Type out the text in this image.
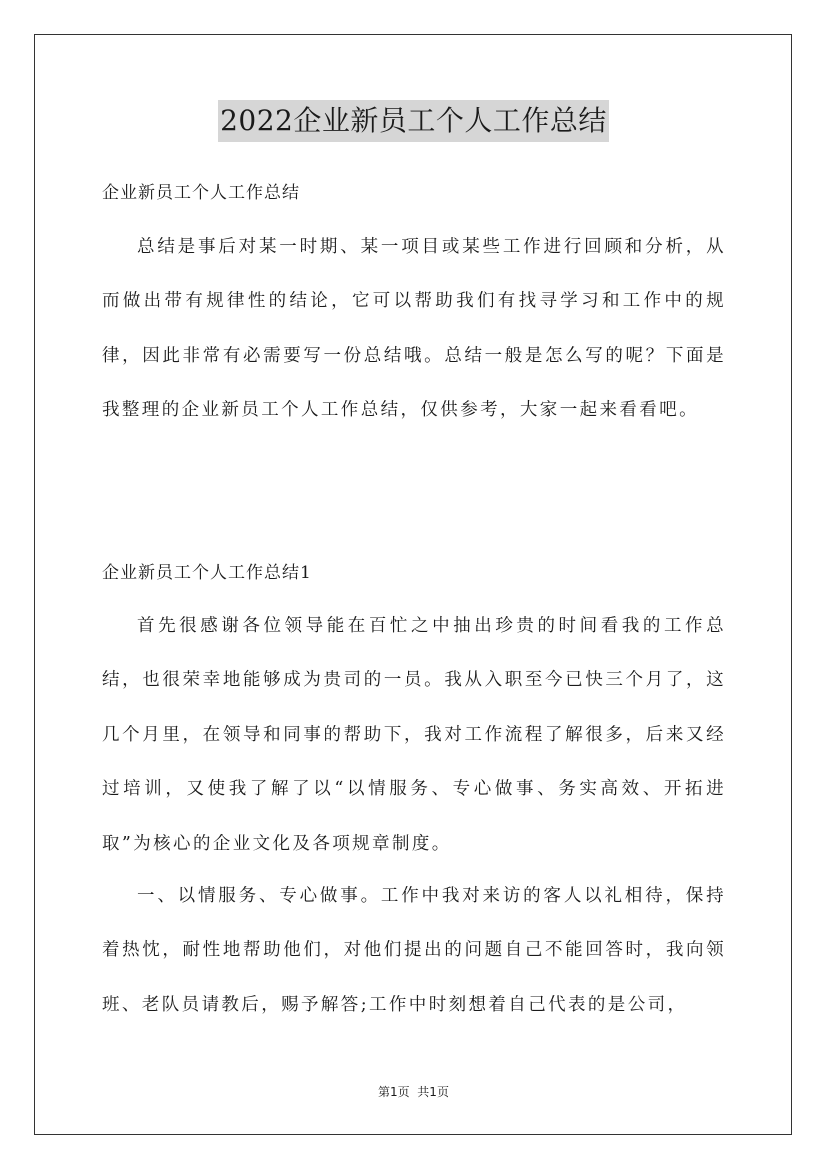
2022企业新员工个人工作总结
企业新员工个人工作总结

总结是事后对某一时期、某一项目或某些工作进行回顾和分析，从而做出带有规律性的结论，它可以帮助我们有找寻学习和工作中的规律，因此非常有必需要写一份总结哦。总结一般是怎么写的呢？下面是我整理的企业新员工个人工作总结，仅供参考，大家一起来看看吧。

企业新员工个人工作总结1

首先很感谢各位领导能在百忙之中抽出珍贵的时间看我的工作总结，也很荣幸地能够成为贵司的一员。我从入职至今已快三个月了，这几个月里，在领导和同事的帮助下，我对工作流程了解很多，后来又经过培训，又使我了解了以“以情服务、专心做事、务实高效、开拓进取”为核心的企业文化及各项规章制度。

一、以情服务、专心做事。工作中我对来访的客人以礼相待，保持着热忱，耐性地帮助他们，对他们提出的问题自己不能回答时，我向领班、老队员请教后，赐予解答;工作中时刻想着自己代表的是公司，

第1页  共1页
